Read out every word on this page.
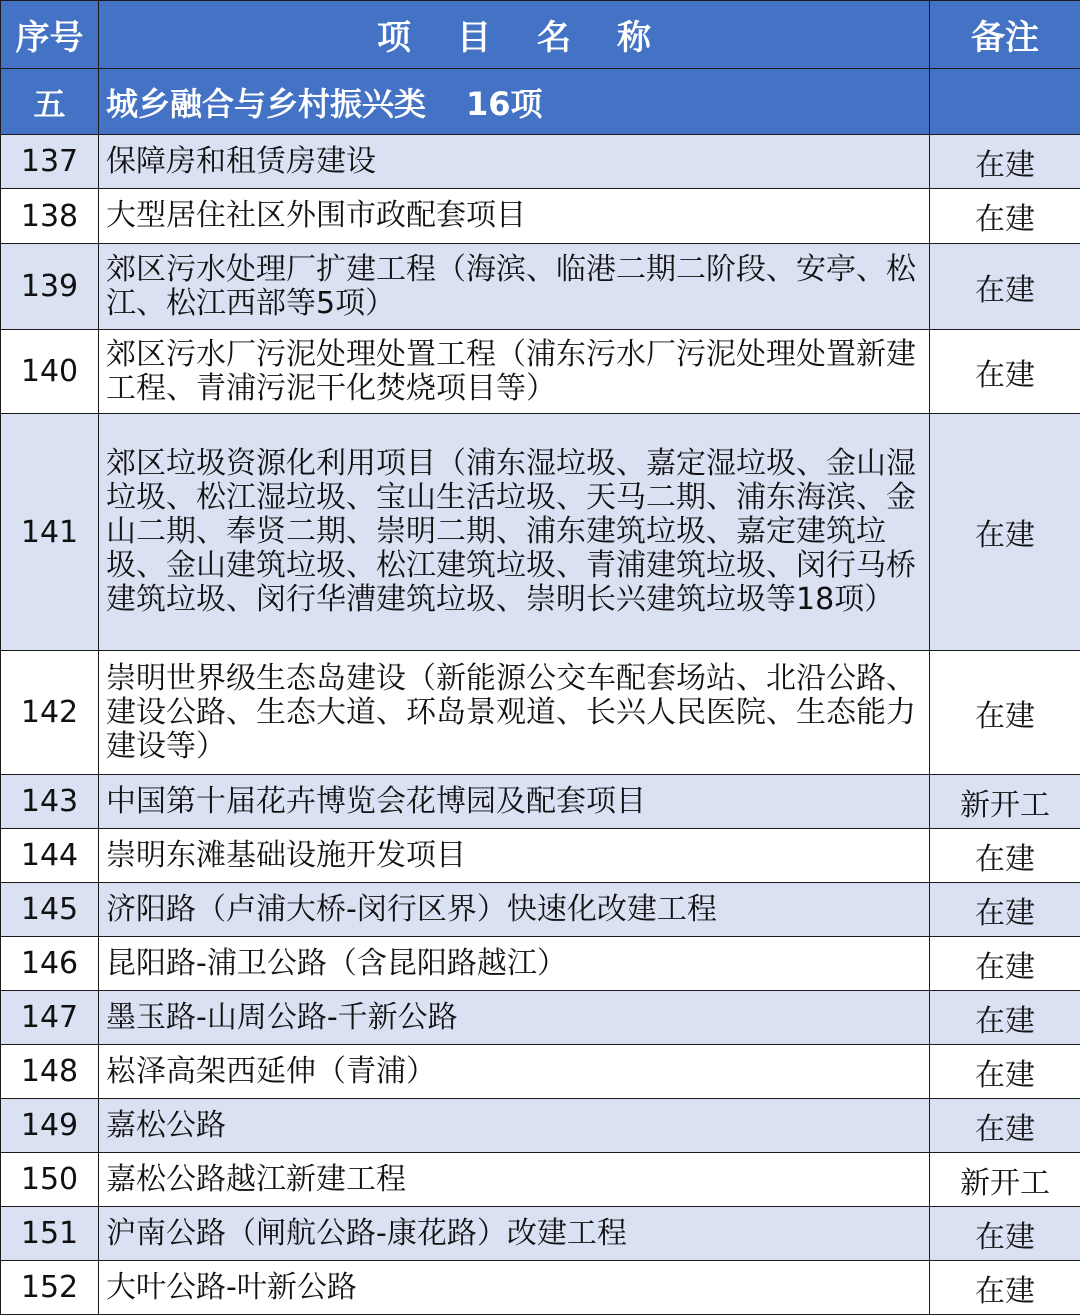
序号	项目名称	备注
五	城乡融合与乡村振兴类 16项	
137	保障房和租赁房建设	在建
138	大型居住社区外围市政配套项目	在建
139	郊区污水处理厂扩建工程（海滨、临港二期二阶段、安亭、松江、松江西部等5项）	在建
140	郊区污水厂污泥处理处置工程（浦东污水厂污泥处理处置新建工程、青浦污泥干化焚烧项目等）	在建
141	郊区垃圾资源化利用项目（浦东湿垃圾、嘉定湿垃圾、金山湿垃圾、松江湿垃圾、宝山生活垃圾、天马二期、浦东海滨、金山二期、奉贤二期、崇明二期、浦东建筑垃圾、嘉定建筑垃圾、金山建筑垃圾、松江建筑垃圾、青浦建筑垃圾、闵行马桥建筑垃圾、闵行华漕建筑垃圾、崇明长兴建筑垃圾等18项）	在建
142	崇明世界级生态岛建设（新能源公交车配套场站、北沿公路、建设公路、生态大道、环岛景观道、长兴人民医院、生态能力建设等）	在建
143	中国第十届花卉博览会花博园及配套项目	新开工
144	崇明东滩基础设施开发项目	在建
145	济阳路（卢浦大桥-闵行区界）快速化改建工程	在建
146	昆阳路-浦卫公路（含昆阳路越江）	在建
147	墨玉路-山周公路-千新公路	在建
148	崧泽高架西延伸（青浦）	在建
149	嘉松公路	在建
150	嘉松公路越江新建工程	新开工
151	沪南公路（闸航公路-康花路）改建工程	在建
152	大叶公路-叶新公路	在建
